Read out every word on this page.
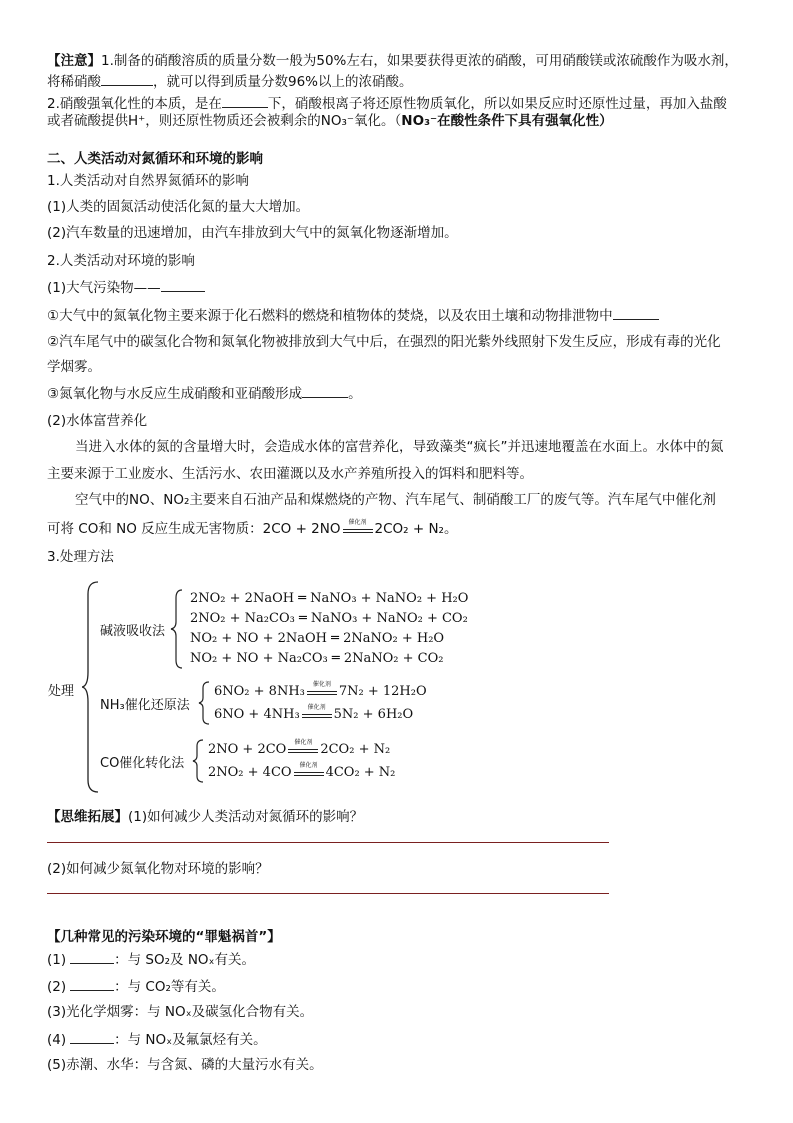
【注意】1.制备的硝酸溶质的质量分数一般为50%左右，如果要获得更浓的硝酸，可用硝酸镁或浓硫酸作为吸水剂，
将稀硝酸	，就可以得到质量分数96%以上的浓硝酸。
2.硝酸强氧化性的本质，是在	下，硝酸根离子将还原性物质氧化，所以如果反应时还原性过量，再加入盐酸
或者硫酸提供H⁺，则还原性物质还会被剩余的NO₃⁻氧化。（NO₃⁻在酸性条件下具有强氧化性）
二、人类活动对氮循环和环境的影响
1.人类活动对自然界氮循环的影响
(1)人类的固氮活动使活化氮的量大大增加。
(2)汽车数量的迅速增加，由汽车排放到大气中的氮氧化物逐渐增加。
2.人类活动对环境的影响
(1)大气污染物——
①大气中的氮氧化物主要来源于化石燃料的燃烧和植物体的焚烧，以及农田土壤和动物排泄物中
②汽车尾气中的碳氢化合物和氮氧化物被排放到大气中后，在强烈的阳光紫外线照射下发生反应，形成有毒的光化
学烟雾。
③氮氧化物与水反应生成硝酸和亚硝酸形成	。
(2)水体富营养化
当进入水体的氮的含量增大时，会造成水体的富营养化，导致藻类“疯长”并迅速地覆盖在水面上。水体中的氮
主要来源于工业废水、生活污水、农田灌溉以及水产养殖所投入的饵料和肥料等。
空气中的NO、NO₂主要来自石油产品和煤燃烧的产物、汽车尾气、制硝酸工厂的废气等。汽车尾气中催化剂
可将 CO和 NO 反应生成无害物质：2CO + 2NO	催化剂 2CO₂ + N₂。
3.处理方法
处理
碱液吸收法
2NO₂ + 2NaOH ═ NaNO₃ + NaNO₂ + H₂O
2NO₂ + Na₂CO₃ ═ NaNO₃ + NaNO₂ + CO₂
NO₂ + NO + 2NaOH ═ 2NaNO₂ + H₂O
NO₂ + NO + Na₂CO₃ ═ 2NaNO₂ + CO₂
NH₃催化还原法
6NO₂ + 8NH₃	催化剂 7N₂ + 12H₂O
6NO + 4NH₃	催化剂 5N₂ + 6H₂O
CO催化转化法
2NO + 2CO	催化剂 2CO₂ + N₂
2NO₂ + 4CO	催化剂 4CO₂ + N₂
【思维拓展】(1)如何减少人类活动对氮循环的影响？
(2)如何减少氮氧化物对环境的影响？
【几种常见的污染环境的“罪魁祸首”】
(1)	：与 SO₂及 NOₓ有关。
(2)	：与 CO₂等有关。
(3)光化学烟雾：与 NOₓ及碳氢化合物有关。
(4)	：与 NOₓ及氟氯烃有关。
(5)赤潮、水华：与含氮、磷的大量污水有关。
